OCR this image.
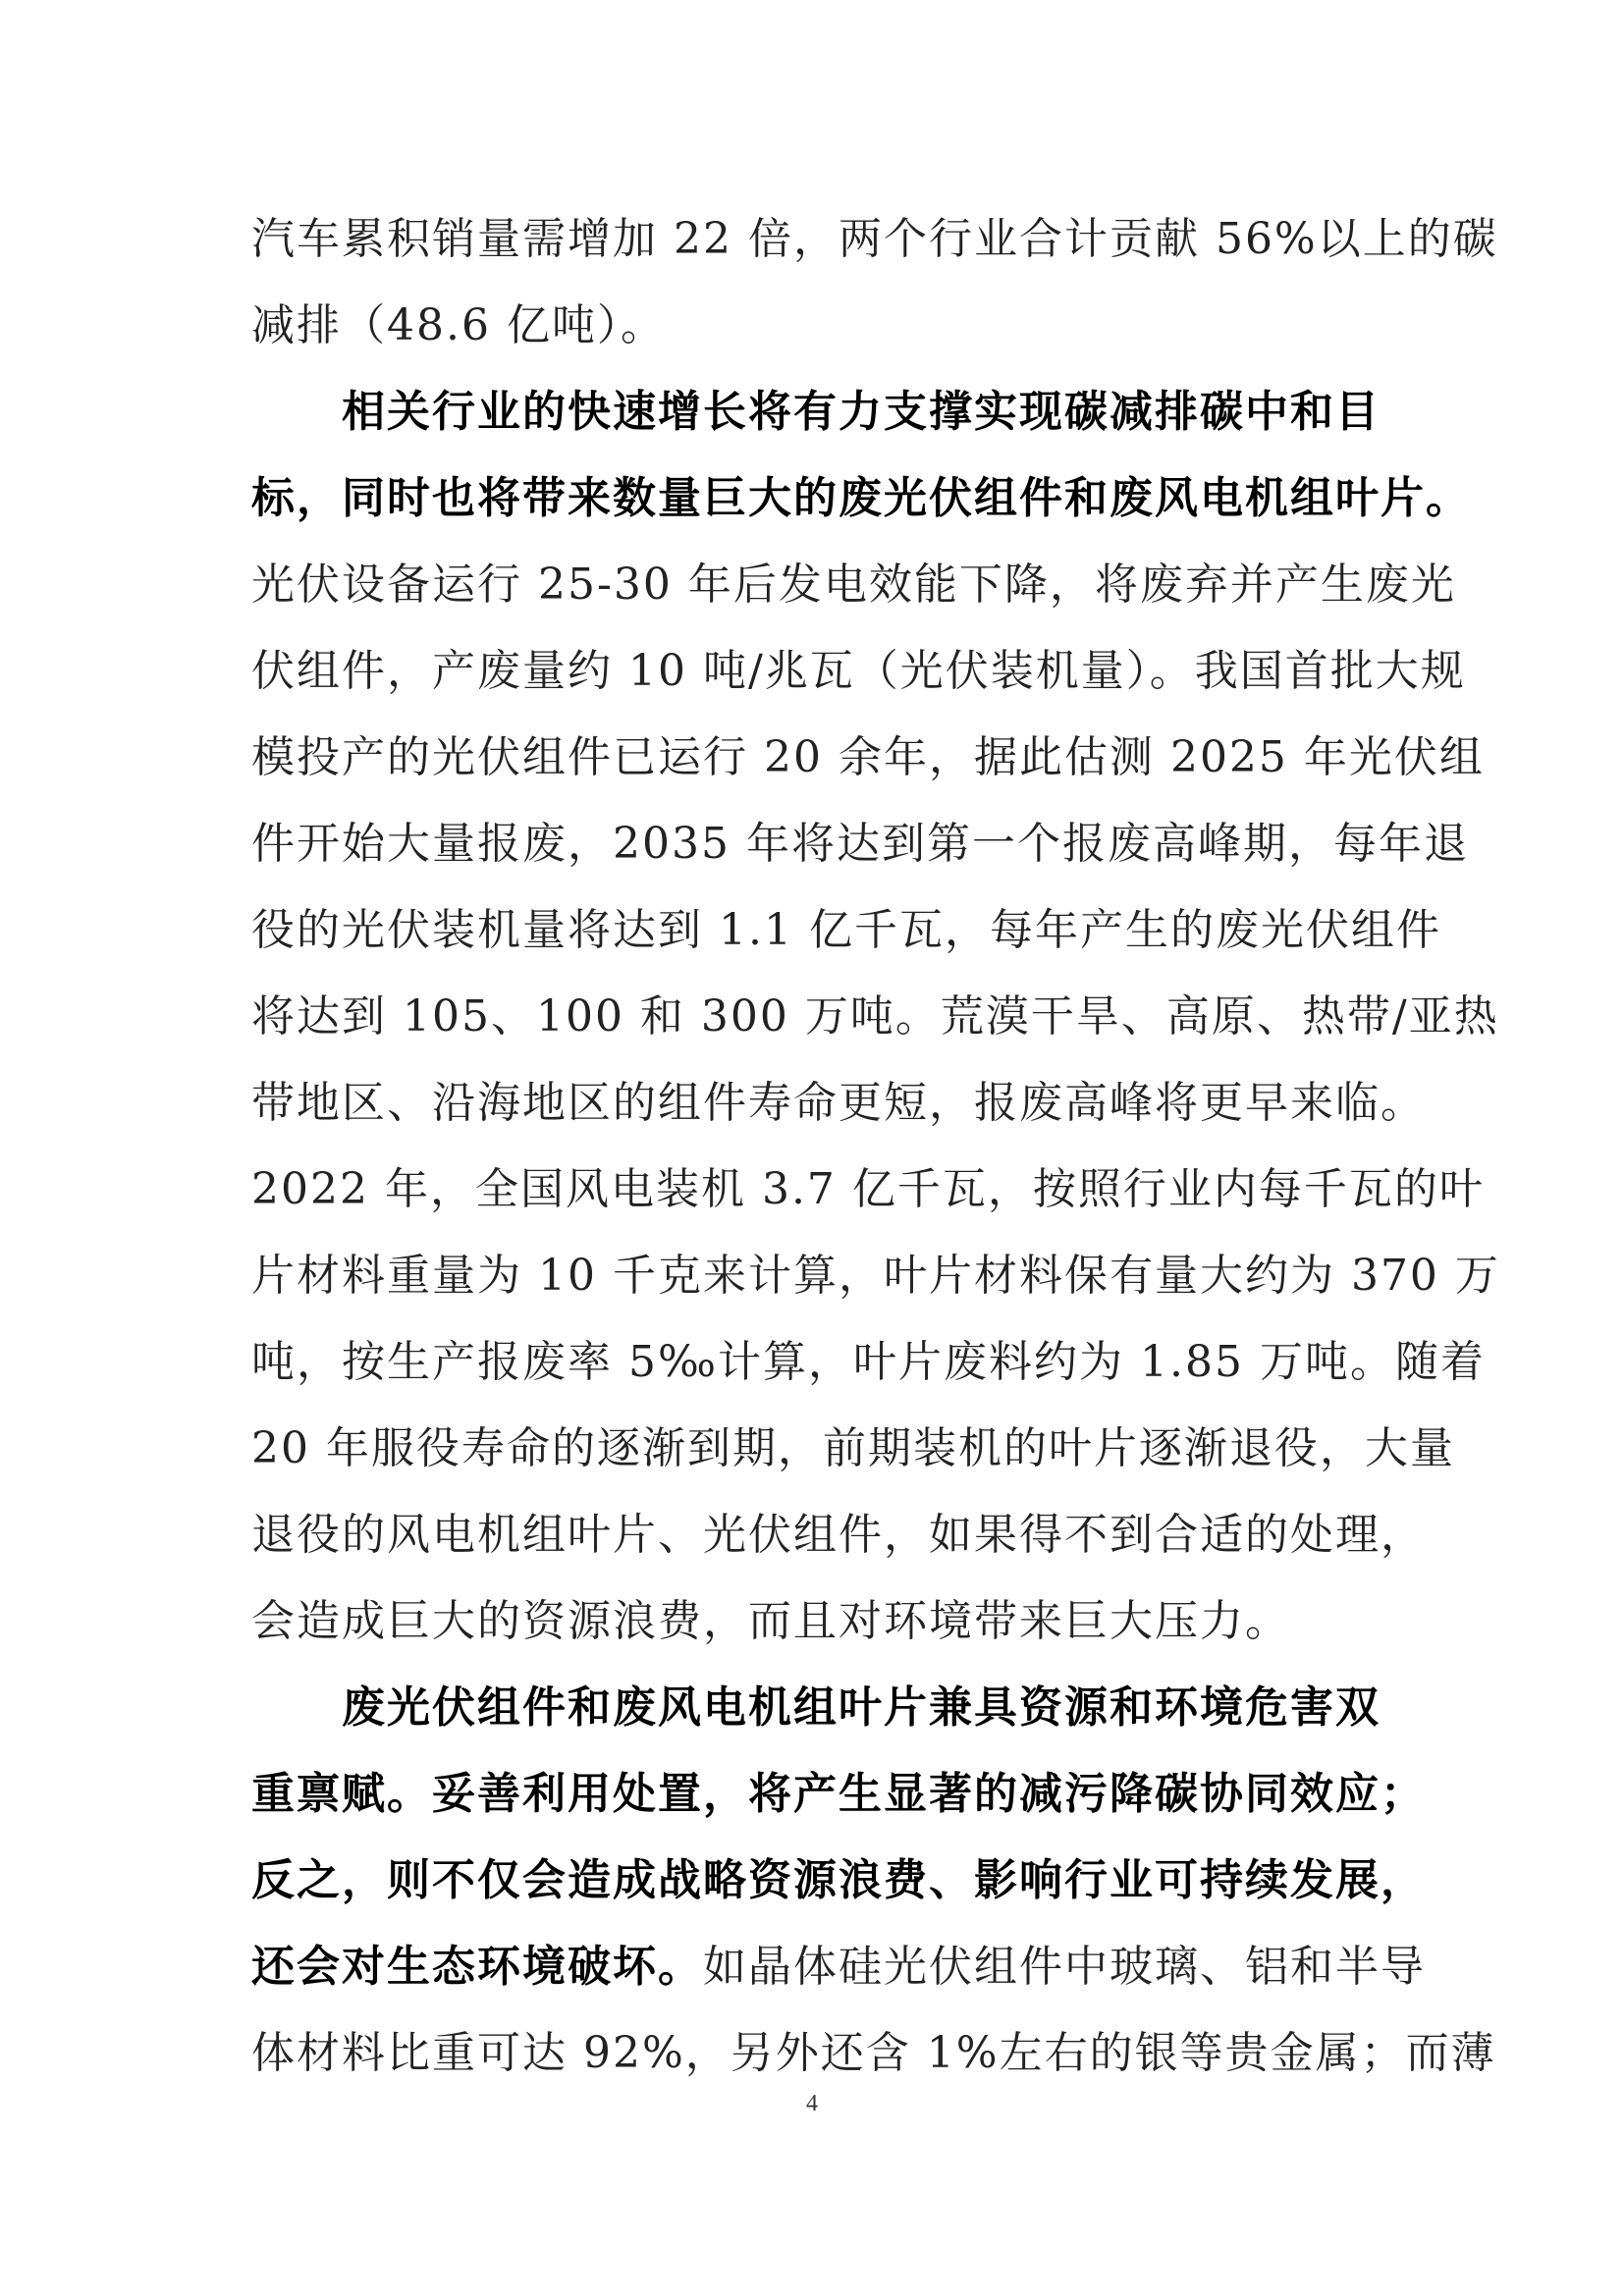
汽车累积销量需增加 22 倍，两个行业合计贡献 56%以上的碳
减排（48.6 亿吨）。
　　相关行业的快速增长将有力支撑实现碳减排碳中和目
标，同时也将带来数量巨大的废光伏组件和废风电机组叶片。
光伏设备运行 25-30 年后发电效能下降，将废弃并产生废光
伏组件，产废量约 10 吨/兆瓦（光伏装机量）。我国首批大规
模投产的光伏组件已运行 20 余年，据此估测 2025 年光伏组
件开始大量报废，2035 年将达到第一个报废高峰期，每年退
役的光伏装机量将达到 1.1 亿千瓦，每年产生的废光伏组件
将达到 105、100 和 300 万吨。荒漠干旱、高原、热带/亚热
带地区、沿海地区的组件寿命更短，报废高峰将更早来临。
2022 年，全国风电装机 3.7 亿千瓦，按照行业内每千瓦的叶
片材料重量为 10 千克来计算，叶片材料保有量大约为 370 万
吨，按生产报废率 5‰计算，叶片废料约为 1.85 万吨。随着
20 年服役寿命的逐渐到期，前期装机的叶片逐渐退役，大量
退役的风电机组叶片、光伏组件，如果得不到合适的处理，
会造成巨大的资源浪费，而且对环境带来巨大压力。
　　废光伏组件和废风电机组叶片兼具资源和环境危害双
重禀赋。妥善利用处置，将产生显著的减污降碳协同效应；
反之，则不仅会造成战略资源浪费、影响行业可持续发展，
还会对生态环境破坏。如晶体硅光伏组件中玻璃、铝和半导
体材料比重可达 92%，另外还含 1%左右的银等贵金属；而薄
4
